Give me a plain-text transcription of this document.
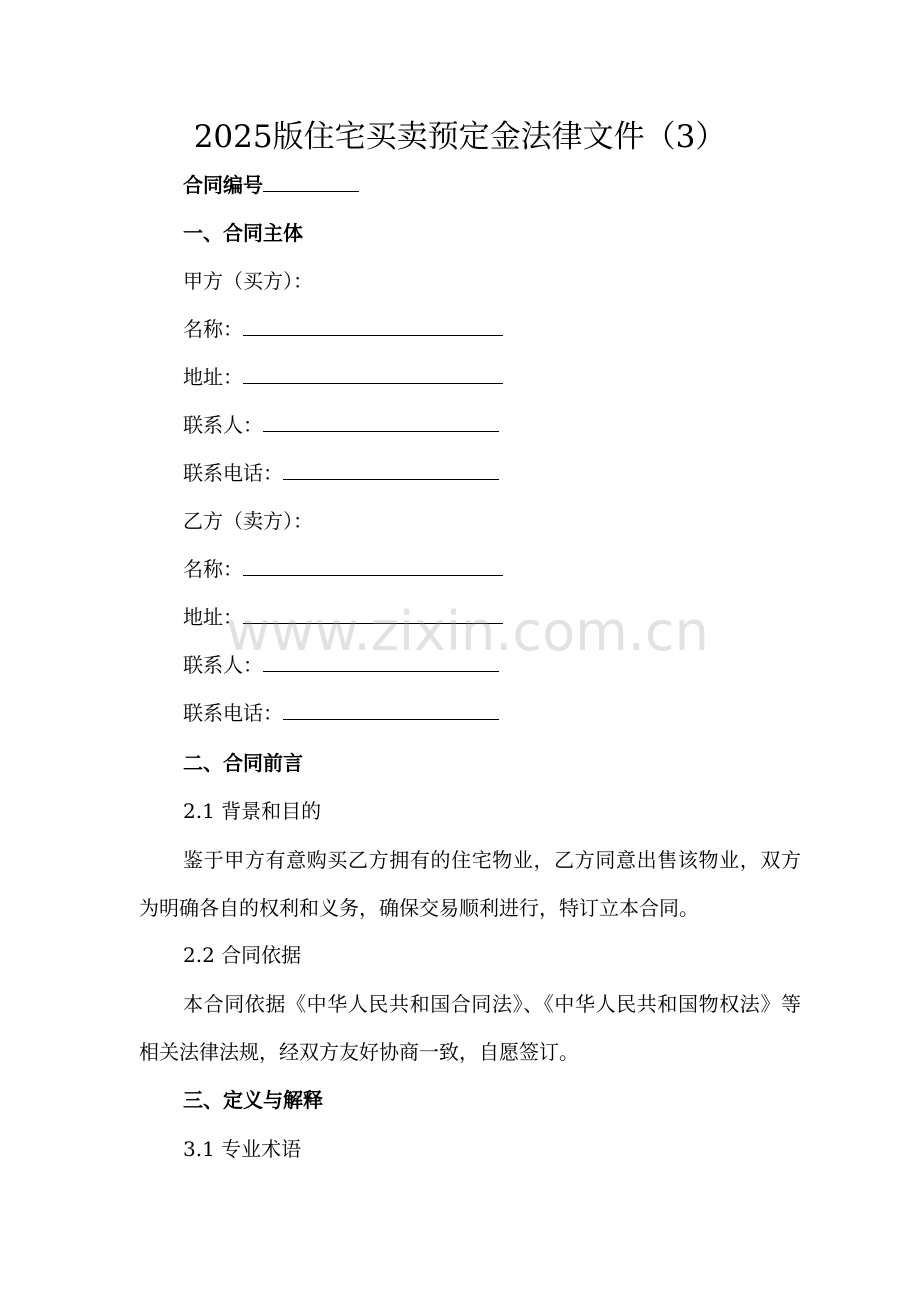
2025版住宅买卖预定金法律文件（3）
合同编号
一、合同主体
甲方（买方）：
名称：
地址：
联系人：
联系电话：
乙方（卖方）：
名称：
地址：
联系人：
联系电话：
二、合同前言
2.1 背景和目的
鉴于甲方有意购买乙方拥有的住宅物业，乙方同意出售该物业，双方为明确各自的权利和义务，确保交易顺利进行，特订立本合同。
2.2 合同依据
本合同依据《中华人民共和国合同法》、《中华人民共和国物权法》等相关法律法规，经双方友好协商一致，自愿签订。
三、定义与解释
3.1 专业术语
www.zixin.com.cn
